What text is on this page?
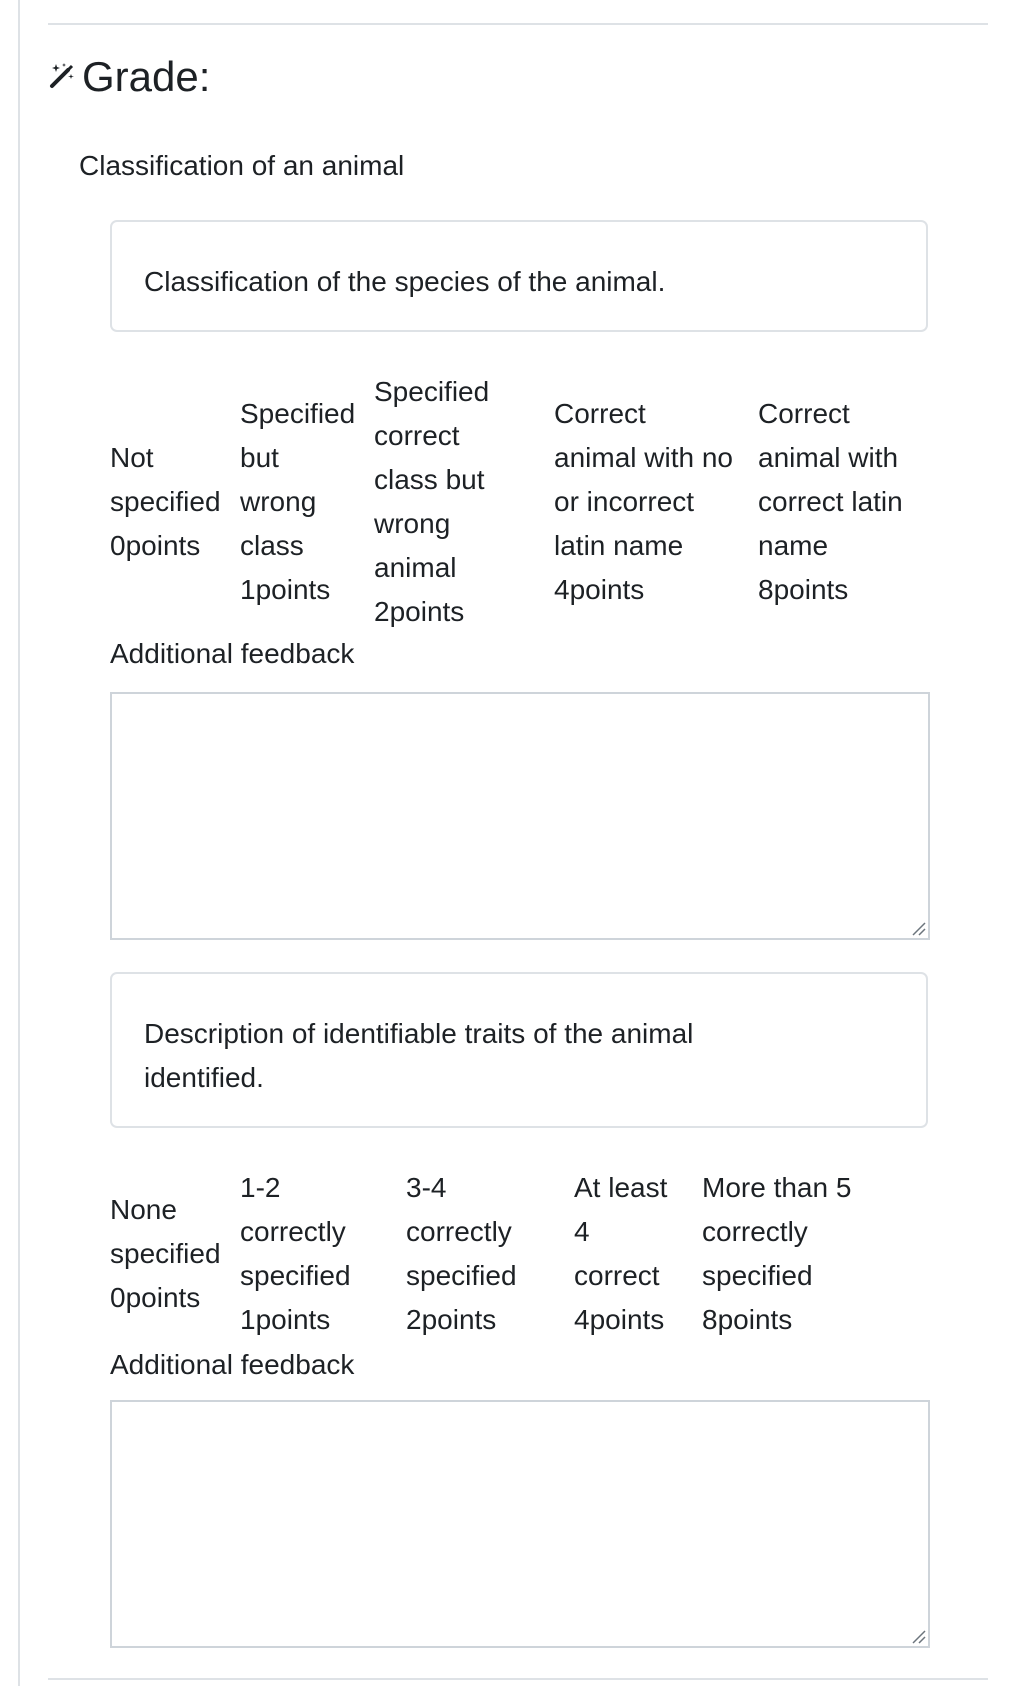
Grade:
Classification of an animal
Classification of the species of the animal.
Not
specified
0points
Specified
but
wrong
class
1points
Specified
correct
class but
wrong
animal
2points
Correct
animal with no
or incorrect
latin name
4points
Correct
animal with
correct latin
name
8points
Additional feedback
Description of identifiable traits of the animal
identified.
None
specified
0points
1-2
correctly
specified
1points
3-4
correctly
specified
2points
At least
4
correct
4points
More than 5
correctly
specified
8points
Additional feedback
